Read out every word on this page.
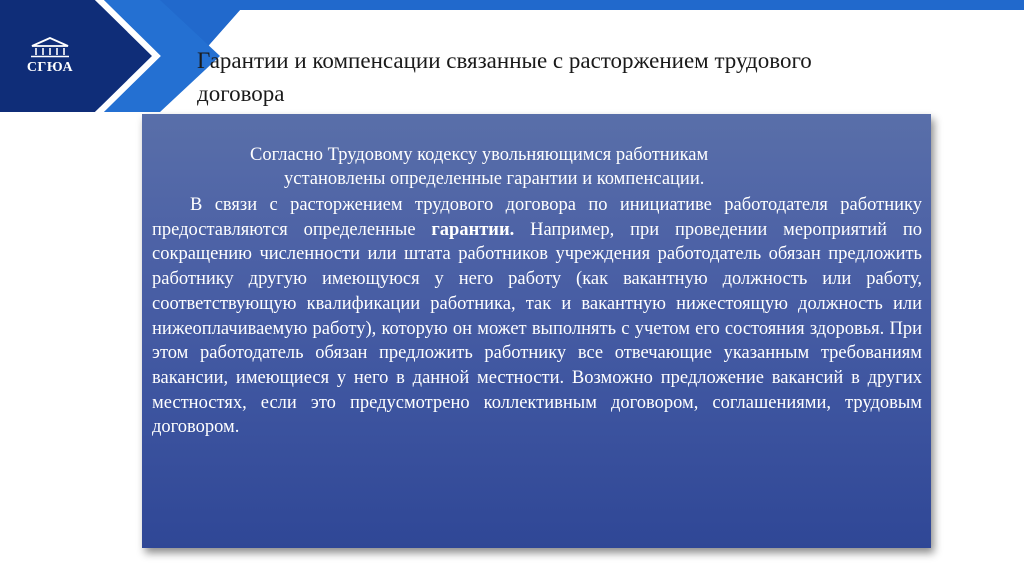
СГЮА	Гарантии и компенсации связанные с расторжением трудового договора
Согласно Трудовому кодексу увольняющимся работникам
установлены определенные гарантии и компенсации.

В связи с расторжением трудового договора по инициативе работодателя работнику предоставляются определенные гарантии. Например, при проведении мероприятий по сокращению численности или штата работников учреждения работодатель обязан предложить работнику другую имеющуюся у него работу (как вакантную должность или работу, соответствующую квалификации работника, так и вакантную нижестоящую должность или нижеоплачиваемую работу), которую он может выполнять с учетом его состояния здоровья. При этом работодатель обязан предложить работнику все отвечающие указанным требованиям вакансии, имеющиеся у него в данной местности. Возможно предложение вакансий в других местностях, если это предусмотрено коллективным договором, соглашениями, трудовым договором.
